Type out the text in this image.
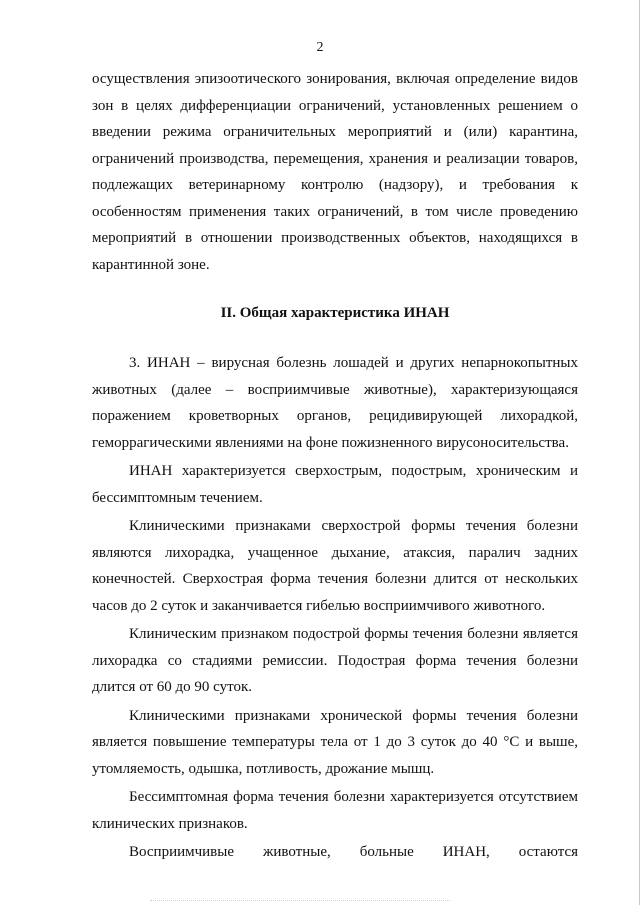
2

осуществления эпизоотического зонирования, включая определение видов зон в целях дифференциации ограничений, установленных решением о введении режима ограничительных мероприятий и (или) карантина, ограничений производства, перемещения, хранения и реализации товаров, подлежащих ветеринарному контролю (надзору), и требования к особенностям применения таких ограничений, в том числе проведению мероприятий в отношении производственных объектов, находящихся в карантинной зоне.

II. Общая характеристика ИНАН

3. ИНАН – вирусная болезнь лошадей и других непарнокопытных животных (далее – восприимчивые животные), характеризующаяся поражением кроветворных органов, рецидивирующей лихорадкой, геморрагическими явлениями на фоне пожизненного вирусоносительства.

ИНАН характеризуется сверхострым, подострым, хроническим и бессимптомным течением.

Клиническими признаками сверхострой формы течения болезни являются лихорадка, учащенное дыхание, атаксия, паралич задних конечностей. Сверхострая форма течения болезни длится от нескольких часов до 2 суток и заканчивается гибелью восприимчивого животного.

Клиническим признаком подострой формы течения болезни является лихорадка со стадиями ремиссии. Подострая форма течения болезни длится от 60 до 90 суток.

Клиническими признаками хронической формы течения болезни является повышение температуры тела от 1 до 3 суток до 40 °С и выше, утомляемость, одышка, потливость, дрожание мышц.

Бессимптомная форма течения болезни характеризуется отсутствием клинических признаков.

Восприимчивые животные, больные ИНАН, остаются
